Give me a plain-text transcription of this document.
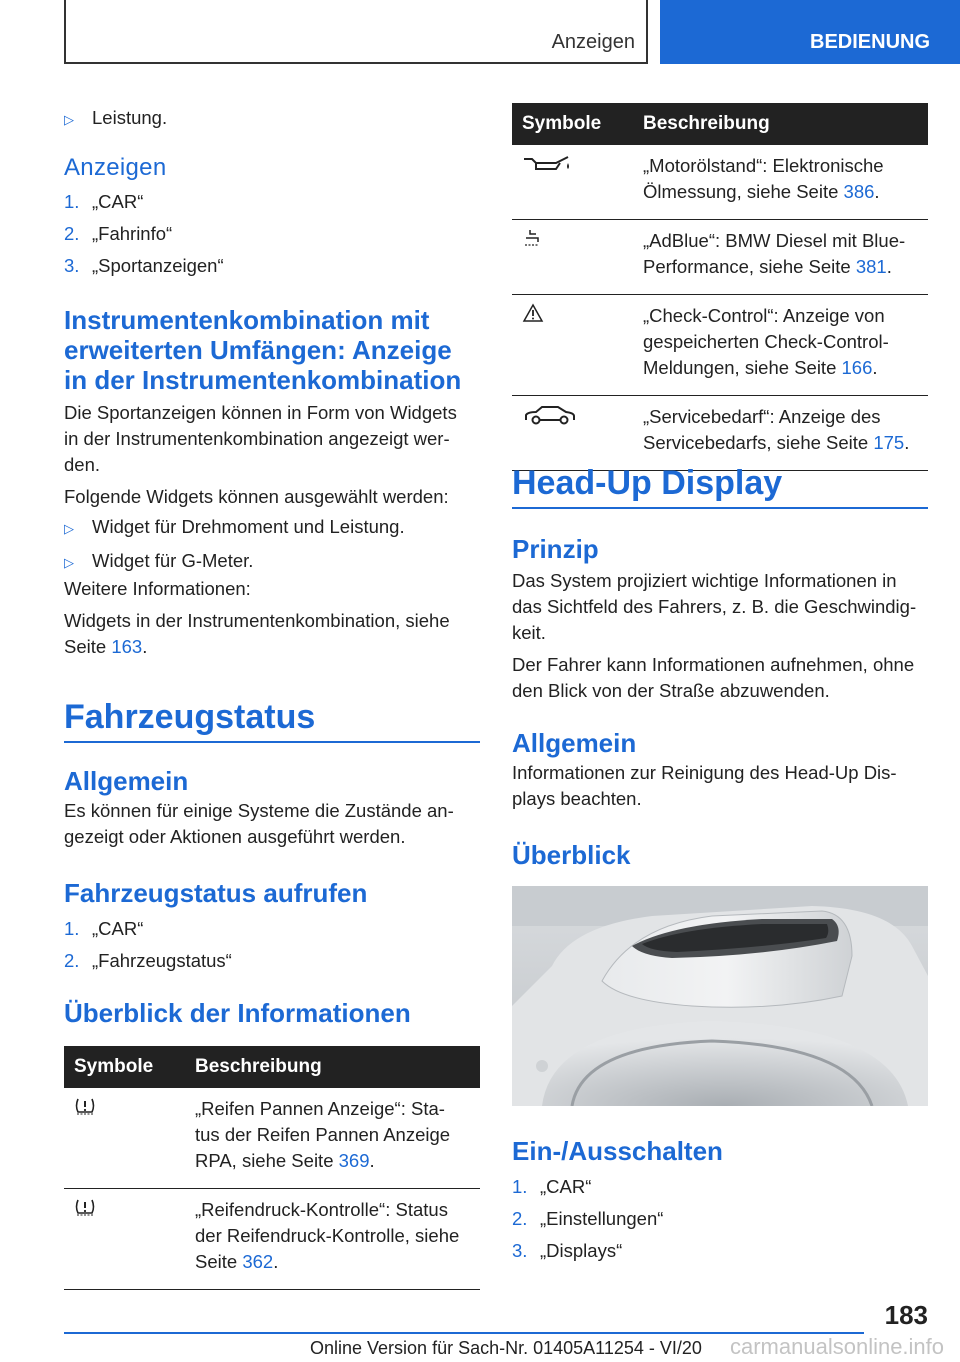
Anzeigen	BEDIENUNG

▷ Leistung.

Anzeigen

1. „CAR“

2. „Fahrinfo“

3. „Sportanzeigen“

Instrumentenkombination mit
erweiterten Umfängen: Anzeige
in der Instrumentenkombination

Die Sportanzeigen können in Form von Widgets

in der Instrumentenkombination angezeigt wer-

den.

Folgende Widgets können ausgewählt werden:

▷ Widget für Drehmoment und Leistung.

▷ Widget für G-Meter.

Weitere Informationen:

Widgets in der Instrumentenkombination, siehe

Seite 163.

Fahrzeugstatus
Allgemein

Es können für einige Systeme die Zustände an-

gezeigt oder Aktionen ausgeführt werden.

Fahrzeugstatus aufrufen

1. „CAR“

2. „Fahrzeugstatus“

Überblick der Informationen
Symbole	Beschreibung

„Reifen Pannen Anzeige“: Sta-
tus der Reifen Pannen Anzeige
RPA, siehe Seite 369.

„Reifendruck-Kontrolle“: Status
der Reifendruck-Kontrolle, siehe
Seite 362.
Symbole	Beschreibung

„Motorölstand“: Elektronische
Ölmessung, siehe Seite 386.

„AdBlue“: BMW Diesel mit Blue-
Performance, siehe Seite 381.

„Check-Control“: Anzeige von
gespeicherten Check-Control-
Meldungen, siehe Seite 166.

„Servicebedarf“: Anzeige des
Servicebedarfs, siehe Seite 175.
Head-Up Display
Prinzip

Das System projiziert wichtige Informationen in

das Sichtfeld des Fahrers, z. B. die Geschwindig-

keit.

Der Fahrer kann Informationen aufnehmen, ohne

den Blick von der Straße abzuwenden.

Allgemein

Informationen zur Reinigung des Head-Up Dis-

plays beachten.

Überblick
Ein-/Ausschalten

1. „CAR“

2. „Einstellungen“

3. „Displays“

183
Online Version für Sach-Nr. 01405A11254 - VI/20 carmanualsonline.info
